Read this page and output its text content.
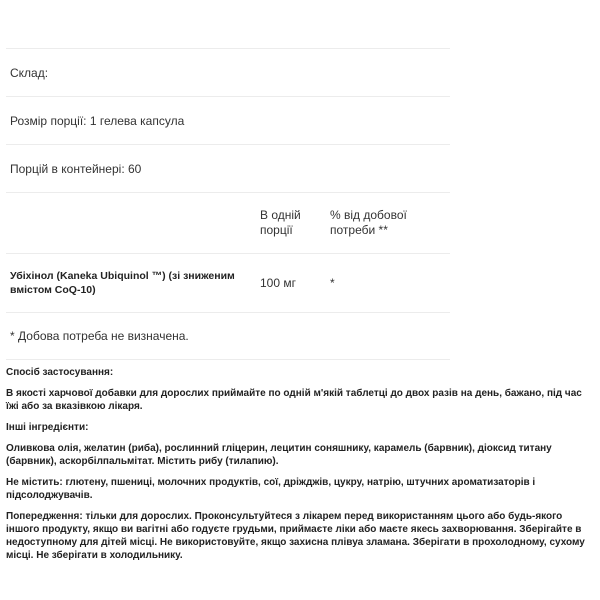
Склад:
Розмір порції: 1 гелева капсула
Порцій в контейнері: 60
В одній порції
% від добової потреби **
Убіхінол (Kaneka Ubiquinol ™) (зі зниженим вмістом CoQ-10)
100 мг	*
* Добова потреба не визначена.

Спосіб застосування:

В якості харчової добавки для дорослих приймайте по одній м'якій таблетці до двох разів на день, бажано, під час їжі або за вказівкою лікаря.

Інші інгредієнти:

Оливкова олія, желатин (риба), рослинний гліцерин, лецитин соняшнику, карамель (барвник), діоксид титану (барвник), аскорбілпальмітат. Містить рибу (тилапию).

Не містить: глютену, пшениці, молочних продуктів, сої, дріжджів, цукру, натрію, штучних ароматизаторів і підсолоджувачів.

Попередження: тільки для дорослих. Проконсультуйтеся з лікарем перед використанням цього або будь-якого іншого продукту, якщо ви вагітні або годуєте грудьми, приймаєте ліки або маєте якесь захворювання. Зберігайте в недоступному для дітей місці. Не використовуйте, якщо захисна плівуа зламана. Зберігати в прохолодному, сухому місці. Не зберігати в холодильнику.
